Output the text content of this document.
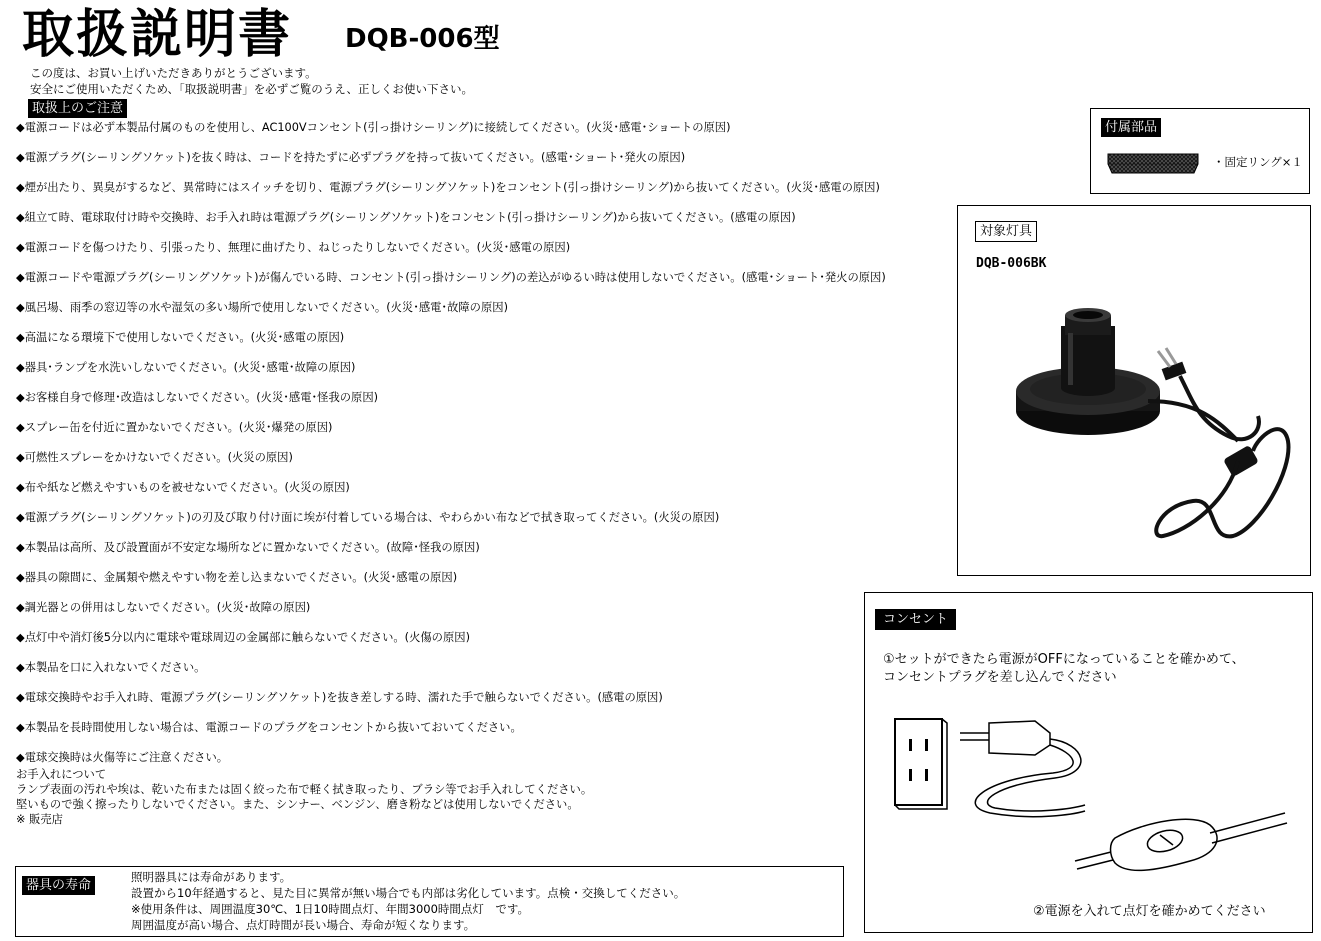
取扱説明書 DQB-006型
この度は、お買い上げいただきありがとうございます。
安全にご使用いただくため、「取扱説明書」を必ずご覧のうえ、正しくお使い下さい。
取扱上のご注意
◆電源コードは必ず本製品付属のものを使用し、AC100Vコンセント(引っ掛けシーリング)に接続してください。(火災･感電･ショートの原因)
◆電源プラグ(シーリングソケット)を抜く時は、コードを持たずに必ずプラグを持って抜いてください。(感電･ショート･発火の原因)
◆煙が出たり、異臭がするなど、異常時にはスイッチを切り、電源プラグ(シーリングソケット)をコンセント(引っ掛けシーリング)から抜いてください。(火災･感電の原因)
◆組立て時、電球取付け時や交換時、お手入れ時は電源プラグ(シーリングソケット)をコンセント(引っ掛けシーリング)から抜いてください。(感電の原因)
◆電源コードを傷つけたり、引張ったり、無理に曲げたり、ねじったりしないでください。(火災･感電の原因)
◆電源コードや電源プラグ(シーリングソケット)が傷んでいる時、コンセント(引っ掛けシーリング)の差込がゆるい時は使用しないでください。(感電･ショート･発火の原因)
◆風呂場、雨季の窓辺等の水や湿気の多い場所で使用しないでください。(火災･感電･故障の原因)
◆高温になる環境下で使用しないでください。(火災･感電の原因)
◆器具･ランプを水洗いしないでください。(火災･感電･故障の原因)
◆お客様自身で修理･改造はしないでください。(火災･感電･怪我の原因)
◆スプレー缶を付近に置かないでください。(火災･爆発の原因)
◆可燃性スプレーをかけないでください。(火災の原因)
◆布や紙など燃えやすいものを被せないでください。(火災の原因)
◆電源プラグ(シーリングソケット)の刃及び取り付け面に埃が付着している場合は、やわらかい布などで拭き取ってください。(火災の原因)
◆本製品は高所、及び設置面が不安定な場所などに置かないでください。(故障･怪我の原因)
◆器具の隙間に、金属類や燃えやすい物を差し込まないでください。(火災･感電の原因)
◆調光器との併用はしないでください。(火災･故障の原因)
◆点灯中や消灯後5分以内に電球や電球周辺の金属部に触らないでください。(火傷の原因)
◆本製品を口に入れないでください。
◆電球交換時やお手入れ時、電源プラグ(シーリングソケット)を抜き差しする時、濡れた手で触らないでください。(感電の原因)
◆本製品を長時間使用しない場合は、電源コードのプラグをコンセントから抜いておいてください。
◆電球交換時は火傷等にご注意ください。
お手入れについて
ランプ表面の汚れや埃は、乾いた布または固く絞った布で軽く拭き取ったり、ブラシ等でお手入れしてください。
堅いもので強く擦ったりしないでください。また、シンナー、ベンジン、磨き粉などは使用しないでください。
※ 販売店
付属部品
・固定リング×１
対象灯具
DQB-006BK
コンセント
①セットができたら電源がOFFになっていることを確かめて、
コンセントプラグを差し込んでください
②電源を入れて点灯を確かめてください
器具の寿命
照明器具には寿命があります。
設置から10年経過すると、見た目に異常が無い場合でも内部は劣化しています。点検・交換してください。
※使用条件は、周囲温度30℃、1日10時間点灯、年間3000時間点灯　です。
周囲温度が高い場合、点灯時間が長い場合、寿命が短くなります。
